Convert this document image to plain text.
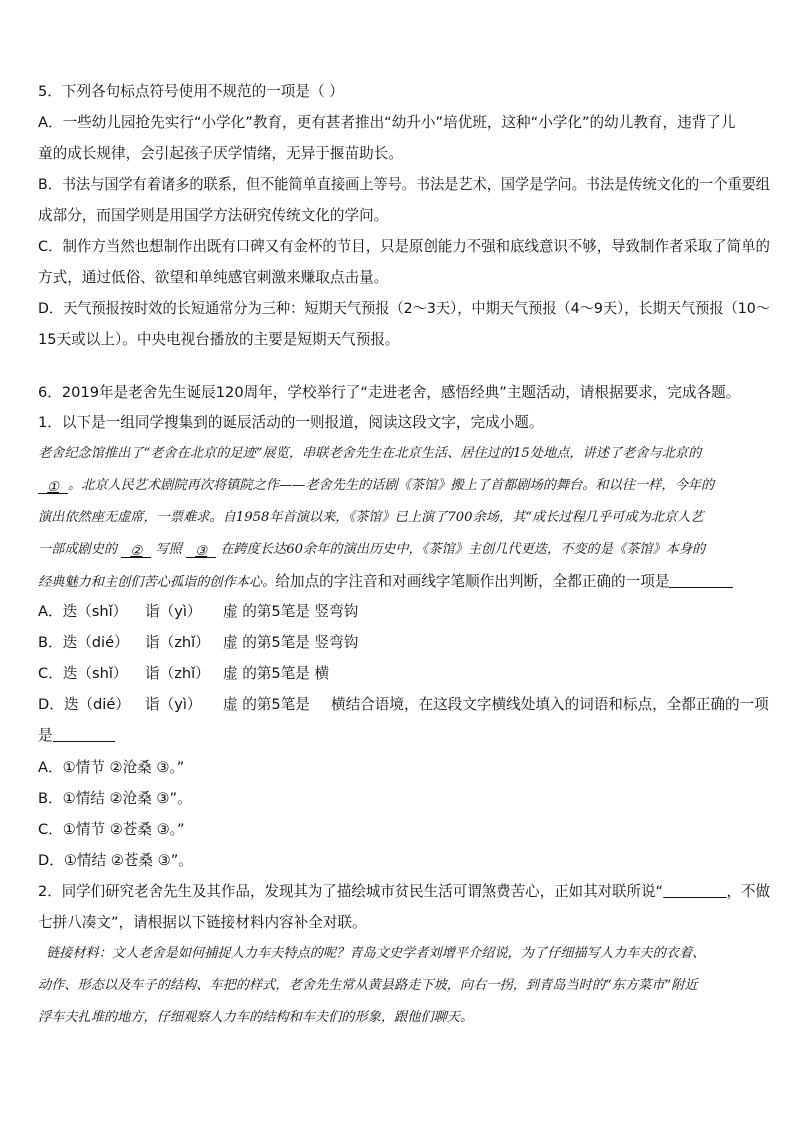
5．下列各句标点符号使用不规范的一项是（ ）
A．一些幼儿园抢先实行“小学化”教育，更有甚者推出“幼升小”培优班，这种“小学化”的幼儿教育，违背了儿
童的成长规律，会引起孩子厌学情绪，无异于揠苗助长。
B．书法与国学有着诸多的联系，但不能简单直接画上等号。书法是艺术，国学是学问。书法是传统文化的一个重要组
成部分，而国学则是用国学方法研究传统文化的学问。
C．制作方当然也想制作出既有口碑又有金杯的节目，只是原创能力不强和底线意识不够，导致制作者采取了简单的
方式，通过低俗、欲望和单纯感官刺激来赚取点击量。
D．天气预报按时效的长短通常分为三种：短期天气预报（2～3天），中期天气预报（4～9天），长期天气预报（10～
15天或以上）。中央电视台播放的主要是短期天气预报。
6．2019年是老舍先生诞辰120周年，学校举行了“走进老舍，感悟经典”主题活动，请根据要求，完成各题。
1．以下是一组同学搜集到的诞辰活动的一则报道，阅读这段文字，完成小题。
老舍纪念馆推出了“老舍在北京的足迹”展览，串联老舍先生在北京生活、居住过的15处地点，讲述了老舍与北京的
① 。北京人民艺术剧院再次将镇院之作——老舍先生的话剧《茶馆》搬上了首都剧场的舞台。和以往一样，今年的
演出依然座无虚席，一票难求。自1958年首演以来，《茶馆》已上演了700余场，其“成长过程几乎可成为北京人艺
一部成剧史的 ② 写照 ③ 在跨度长达60余年的演出历史中，《茶馆》主创几代更迭，不变的是《茶馆》本身的
经典魅力和主创们苦心孤诣的创作本心。给加点的字注音和对画线字笔顺作出判断，全都正确的一项是
A．迭（shǐ） 诣（yì） 虚 的第5笔是 竖弯钩
B．迭（dié） 诣（zhǐ） 虚 的第5笔是 竖弯钩
C．迭（shǐ） 诣（zhǐ） 虚 的第5笔是 横
D．迭（dié） 诣（yì） 虚 的第5笔是 横结合语境，在这段文字横线处填入的词语和标点，全都正确的一项
是
A．①情节 ②沧桑 ③。”
B．①情结 ②沧桑 ③”。
C．①情节 ②苍桑 ③。”
D．①情结 ②苍桑 ③”。
2．同学们研究老舍先生及其作品，发现其为了描绘城市贫民生活可谓煞费苦心，正如其对联所说“	，不做
七拼八凑文”，请根据以下链接材料内容补全对联。
链接材料：文人老舍是如何捕捉人力车夫特点的呢？青岛文史学者刘增平介绍说，为了仔细描写人力车夫的衣着、
动作、形态以及车子的结构、车把的样式，老舍先生常从黄县路走下坡，向右一拐，到青岛当时的“东方菜市”附近
浮车夫扎堆的地方，仔细观察人力车的结构和车夫们的形象，跟他们聊天。
